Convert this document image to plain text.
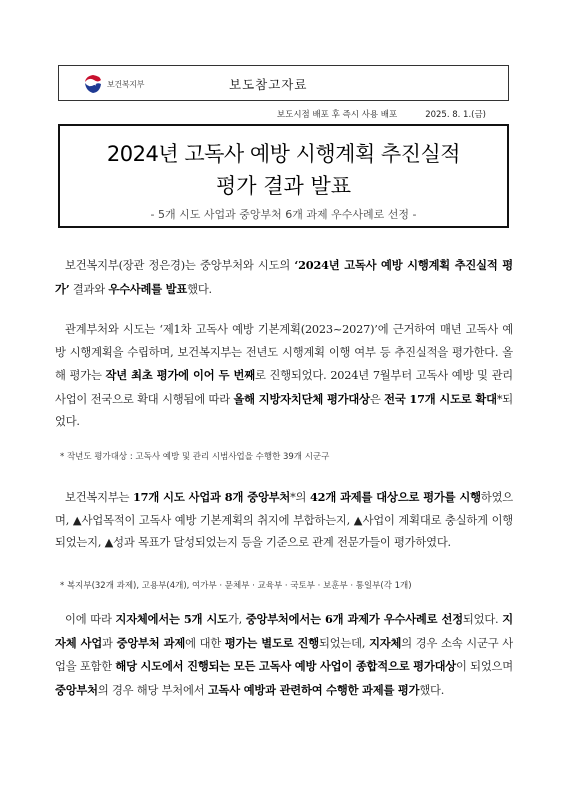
보건복지부	보도참고자료
보도시점 배포 후 즉시 사용 배포	2025. 8. 1.(금)
2024년 고독사 예방 시행계획 추진실적
평가 결과 발표
- 5개 시도 사업과 중앙부처 6개 과제 우수사례로 선정 -
보건복지부(장관 정은경)는 중앙부처와 시도의 ‘2024년 고독사 예방 시행계획 추진실적 평가’ 결과와 우수사례를 발표했다.
관계부처와 시도는 ‘제1차 고독사 예방 기본계획(2023~2027)’에 근거하여 매년 고독사 예방 시행계획을 수립하며, 보건복지부는 전년도 시행계획 이행 여부 등 추진실적을 평가한다. 올해 평가는 작년 최초 평가에 이어 두 번째로 진행되었다. 2024년 7월부터 고독사 예방 및 관리 사업이 전국으로 확대 시행됨에 따라 올해 지방자치단체 평가대상은 전국 17개 시도로 확대*되었다.
* 작년도 평가대상 : 고독사 예방 및 관리 시범사업을 수행한 39개 시군구
보건복지부는 17개 시도 사업과 8개 중앙부처*의 42개 과제를 대상으로 평가를 시행하였으며, ▲사업목적이 고독사 예방 기본계획의 취지에 부합하는지, ▲사업이 계획대로 충실하게 이행되었는지, ▲성과 목표가 달성되었는지 등을 기준으로 관계 전문가들이 평가하였다.
* 복지부(32개 과제), 고용부(4개), 여가부 · 문체부 · 교육부 · 국토부 · 보훈부 · 통일부(각 1개)
이에 따라 지자체에서는 5개 시도가, 중앙부처에서는 6개 과제가 우수사례로 선정되었다. 지자체 사업과 중앙부처 과제에 대한 평가는 별도로 진행되었는데, 지자체의 경우 소속 시군구 사업을 포함한 해당 시도에서 진행되는 모든 고독사 예방 사업이 종합적으로 평가대상이 되었으며 중앙부처의 경우 해당 부처에서 고독사 예방과 관련하여 수행한 과제를 평가했다.
